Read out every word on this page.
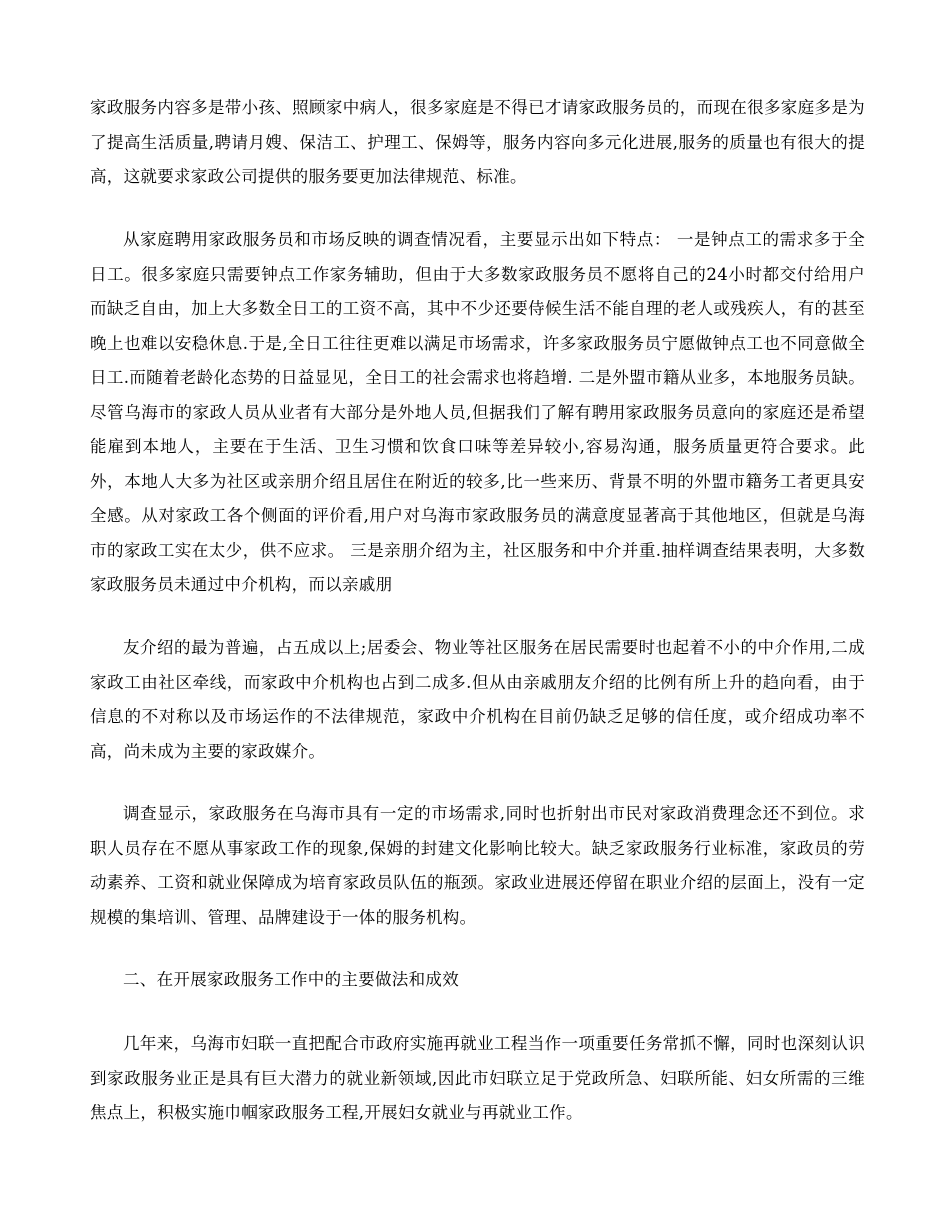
家政服务内容多是带小孩、照顾家中病人，很多家庭是不得已才请家政服务员的，而现在很多家庭多是为了提高生活质量,聘请月嫂、保洁工、护理工、保姆等，服务内容向多元化进展,服务的质量也有很大的提高，这就要求家政公司提供的服务要更加法律规范、标准。

从家庭聘用家政服务员和市场反映的调查情况看，主要显示出如下特点： 一是钟点工的需求多于全日工。很多家庭只需要钟点工作家务辅助，但由于大多数家政服务员不愿将自己的24小时都交付给用户而缺乏自由，加上大多数全日工的工资不高，其中不少还要侍候生活不能自理的老人或残疾人，有的甚至晚上也难以安稳休息.于是,全日工往往更难以满足市场需求，许多家政服务员宁愿做钟点工也不同意做全日工.而随着老龄化态势的日益显见，全日工的社会需求也将趋增. 二是外盟市籍从业多，本地服务员缺。尽管乌海市的家政人员从业者有大部分是外地人员,但据我们了解有聘用家政服务员意向的家庭还是希望能雇到本地人，主要在于生活、卫生习惯和饮食口味等差异较小,容易沟通，服务质量更符合要求。此外，本地人大多为社区或亲朋介绍且居住在附近的较多,比一些来历、背景不明的外盟市籍务工者更具安全感。从对家政工各个侧面的评价看,用户对乌海市家政服务员的满意度显著高于其他地区，但就是乌海市的家政工实在太少，供不应求。 三是亲朋介绍为主，社区服务和中介并重.抽样调查结果表明，大多数家政服务员未通过中介机构，而以亲戚朋

友介绍的最为普遍，占五成以上;居委会、物业等社区服务在居民需要时也起着不小的中介作用,二成家政工由社区牵线，而家政中介机构也占到二成多.但从由亲戚朋友介绍的比例有所上升的趋向看，由于信息的不对称以及市场运作的不法律规范，家政中介机构在目前仍缺乏足够的信任度，或介绍成功率不高，尚未成为主要的家政媒介。

调查显示，家政服务在乌海市具有一定的市场需求,同时也折射出市民对家政消费理念还不到位。求职人员存在不愿从事家政工作的现象,保姆的封建文化影响比较大。缺乏家政服务行业标准，家政员的劳动素养、工资和就业保障成为培育家政员队伍的瓶颈。家政业进展还停留在职业介绍的层面上，没有一定规模的集培训、管理、品牌建设于一体的服务机构。

二、在开展家政服务工作中的主要做法和成效

几年来，乌海市妇联一直把配合市政府实施再就业工程当作一项重要任务常抓不懈，同时也深刻认识到家政服务业正是具有巨大潜力的就业新领域,因此市妇联立足于党政所急、妇联所能、妇女所需的三维焦点上，积极实施巾帼家政服务工程,开展妇女就业与再就业工作。
